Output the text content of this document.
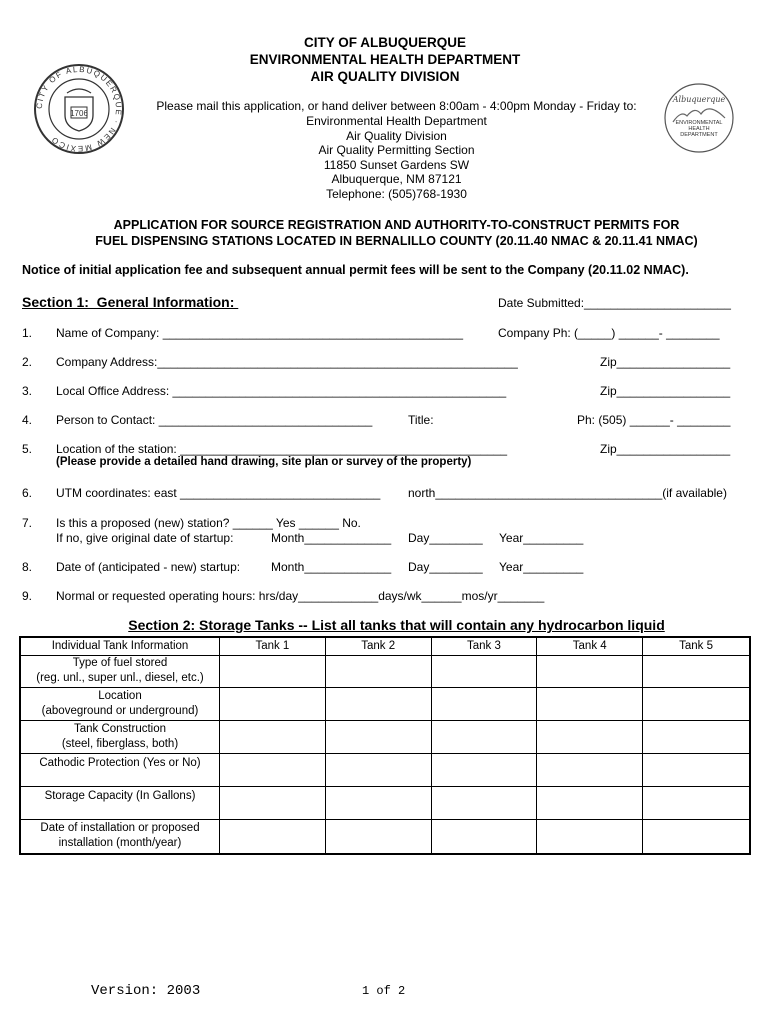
1706
CITY OF ALBUQUERQUE · NEW MEXICO
Albuquerque
ENVIRONMENTAL
HEALTH
DEPARTMENT
CITY OF ALBUQUERQUE
ENVIRONMENTAL HEALTH DEPARTMENT
AIR QUALITY DIVISION
Please mail this application, or hand deliver between 8:00am - 4:00pm Monday - Friday to:
Environmental Health Department
Air Quality Division
Air Quality Permitting Section
11850 Sunset Gardens SW
Albuquerque, NM 87121
Telephone: (505)768-1930
APPLICATION FOR SOURCE REGISTRATION AND AUTHORITY-TO-CONSTRUCT PERMITS FOR
FUEL DISPENSING STATIONS LOCATED IN BERNALILLO COUNTY (20.11.40 NMAC & 20.11.41 NMAC)
Notice of initial application fee and subsequent annual permit fees will be sent to the Company (20.11.02 NMAC).
Section 1:  General Information:	Date Submitted:______________________
1. Name of Company: _____________________________________________	Company Ph: (_____) ______- ________
2. Company Address:______________________________________________________	Zip_________________
3. Local Office Address: __________________________________________________	Zip_________________
4. Person to Contact: ________________________________	Title:	Ph: (505) ______- ________
5. Location of the station: _________________________________________________	Zip_________________
(Please provide a detailed hand drawing, site plan or survey of the property)
6. UTM coordinates: east ______________________________ north__________________________________(if available)
7. Is this a proposed (new) station? ______ Yes ______ No.
If no, give original date of startup:	Month_____________ Day________ Year_________
8. Date of (anticipated - new) startup:	Month_____________ Day________ Year_________
9. Normal or requested operating hours: hrs/day____________days/wk______mos/yr_______
Section 2: Storage Tanks -- List all tanks that will contain any hydrocarbon liquid
Individual Tank Information	Tank 1	Tank 2	Tank 3	Tank 4	Tank 5

Type of fuel stored
(reg. unl., super unl., diesel, etc.)					

Location
(aboveground or underground)					

Tank Construction
(steel, fiberglass, both)					

Cathodic Protection (Yes or No)					
Storage Capacity (In Gallons)					

Date of installation or proposed
installation (month/year)					

Version: 2003	1 of 2
